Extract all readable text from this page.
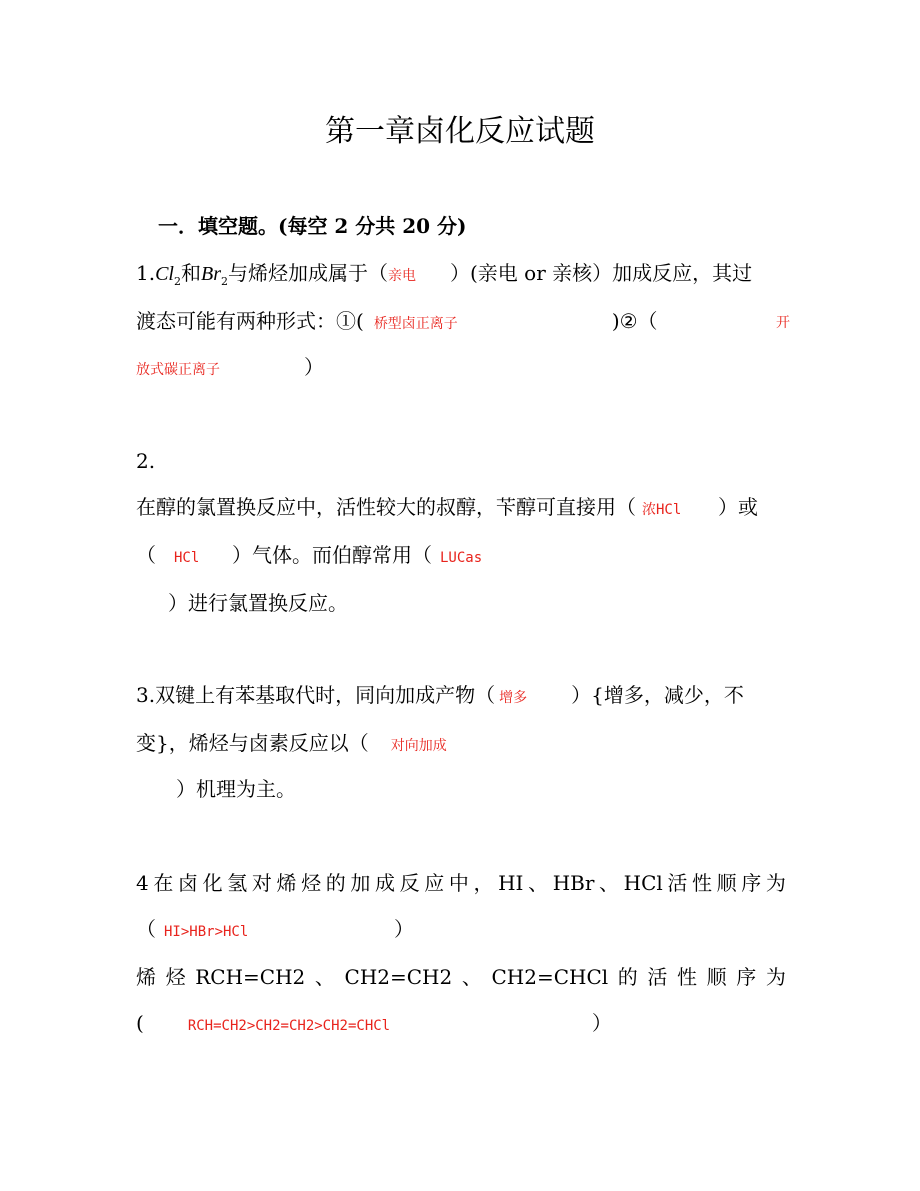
第一章卤化反应试题
一．填空题。(每空 2 分共 20 分)
$1.Cl_2$和$Br_2$与烯烃加成属于（亲电 ）(亲电 or 亲核）加成反应，其过
渡态可能有两种形式：①( 桥型卤正离子	)②（	开
放式碳正离子	）
2.
在醇的氯置换反应中，活性较大的叔醇，苄醇可直接用（ 浓HCl ）或
（ HCl ）气体。而伯醇常用（ LUCas
）进行氯置换反应。
3.双键上有苯基取代时，同向加成产物（ 增多 ）{增多，减少，不
变}，烯烃与卤素反应以（ 对向加成
）机理为主。
4 在 卤 化 氢 对 烯 烃 的 加 成 反 应 中 ， HI 、 HBr 、 HCl 活 性 顺 序 为
（ HI>HBr>HCl	）
烯 烃 RCH=CH2 、 CH2=CH2 、 CH2=CHCl 的 活 性 顺 序 为
(	RCH=CH2>CH2=CH2>CH2=CHCl	）
